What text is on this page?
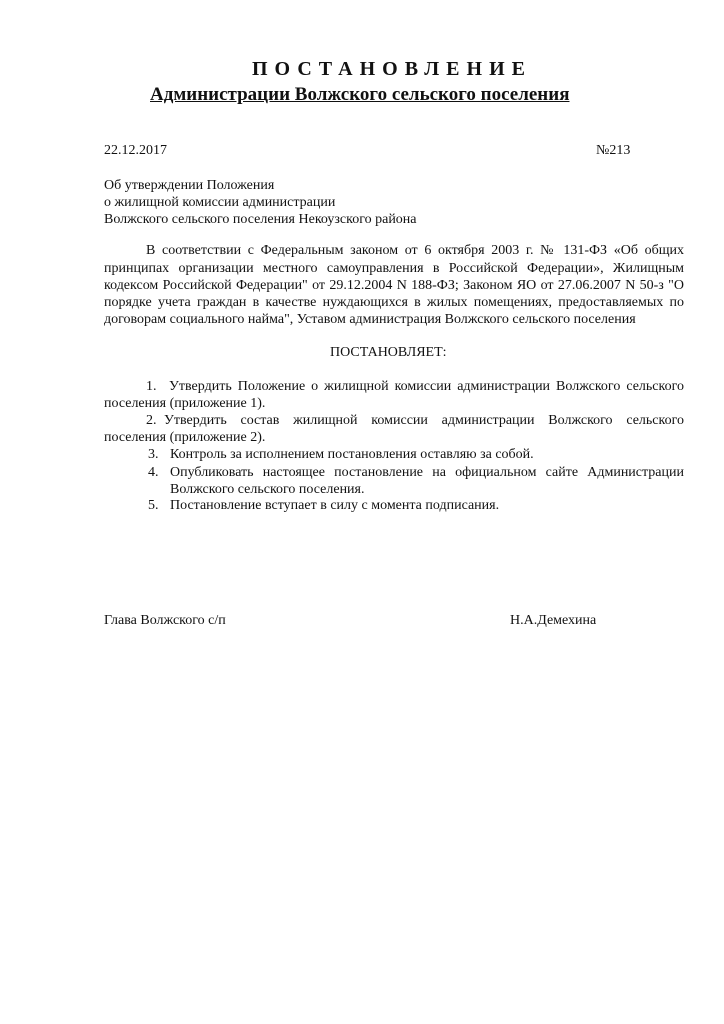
ПОСТАНОВЛЕНИЕ
Администрации Волжского сельского поселения
22.12.2017	№213
Об утверждении Положения
о жилищной комиссии администрации
Волжского сельского поселения Некоузского района
В соответствии с Федеральным законом от 6 октября 2003 г. № 131-ФЗ «Об общих
принципах организации местного самоуправления в Российской Федерации», Жилищным
кодексом Российской Федерации" от 29.12.2004 N 188-ФЗ; Законом ЯО от 27.06.2007 N 50-з "О
порядке учета граждан в качестве нуждающихся в жилых помещениях, предоставляемых по
договорам социального найма", Уставом администрация Волжского сельского поселения
ПОСТАНОВЛЯЕТ:
1. Утвердить Положение о жилищной комиссии администрации Волжского сельского
поселения (приложение 1).
2. Утвердить состав жилищной комиссии администрации Волжского сельского
поселения (приложение 2).
3. Контроль за исполнением постановления оставляю за собой.
4. Опубликовать настоящее постановление на официальном сайте Администрации
Волжского сельского поселения.
5. Постановление вступает в силу с момента подписания.
Глава Волжского с/п	Н.А.Демехина
